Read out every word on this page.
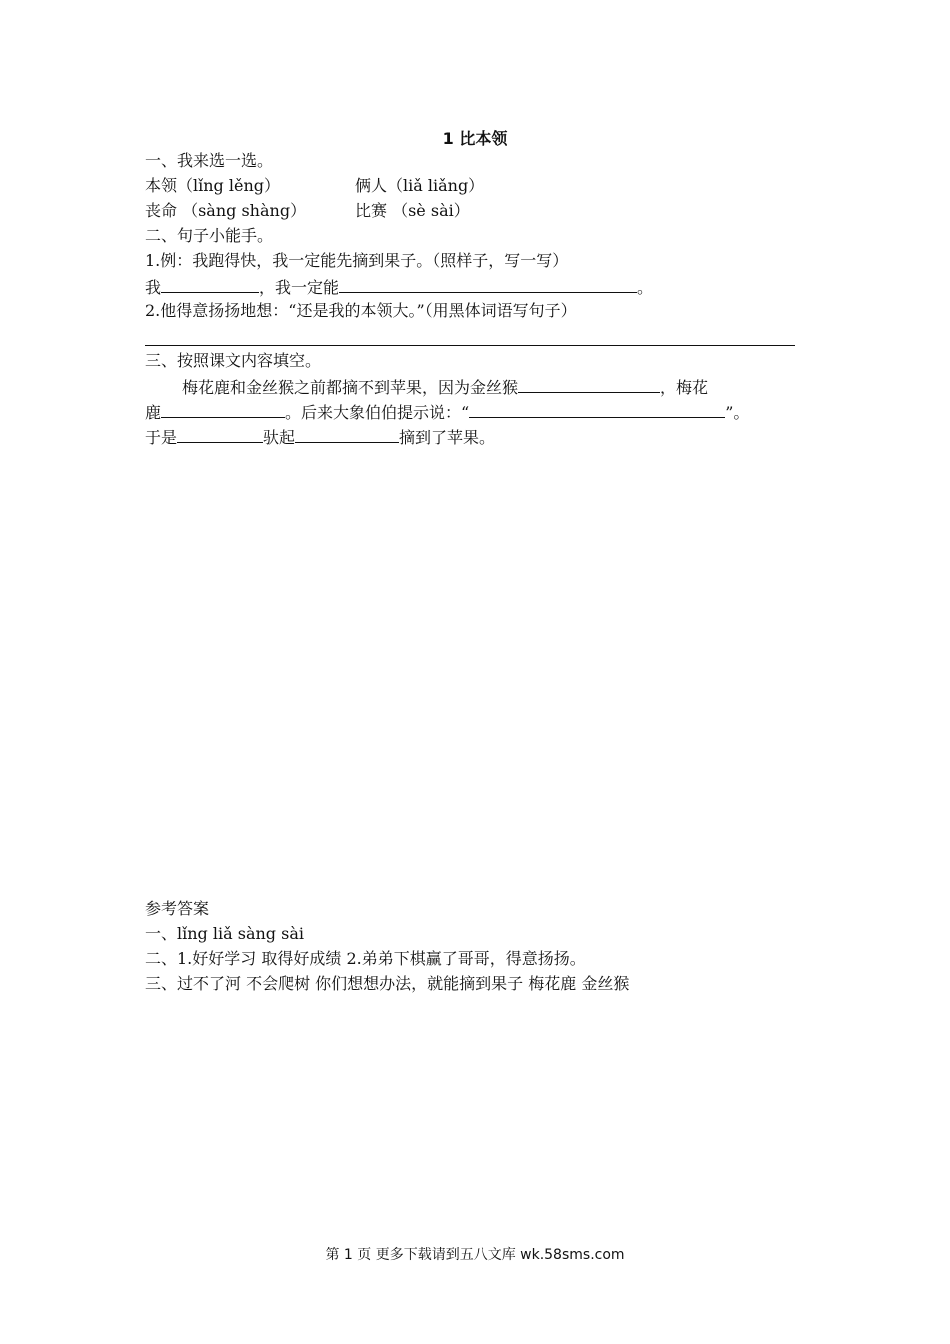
1 比本领
一、我来选一选。
本领（lǐng lěng）	俩人（liǎ liǎng）
丧命 （sàng shàng）	比赛 （sè sài）
二、句子小能手。
1.例：我跑得快，我一定能先摘到果子。（照样子，写一写）
我	，我一定能	。
2.他得意扬扬地想：“还是我的本领大。”（用黑体词语写句子）
三、按照课文内容填空。
梅花鹿和金丝猴之前都摘不到苹果，因为金丝猴	，梅花
鹿	。后来大象伯伯提示说：“	”。
于是	驮起	摘到了苹果。
参考答案
一、lǐng liǎ sàng sài
二、1.好好学习 取得好成绩 2.弟弟下棋赢了哥哥，得意扬扬。
三、过不了河 不会爬树 你们想想办法，就能摘到果子 梅花鹿 金丝猴
第 1 页 更多下载请到五八文库 wk.58sms.com
